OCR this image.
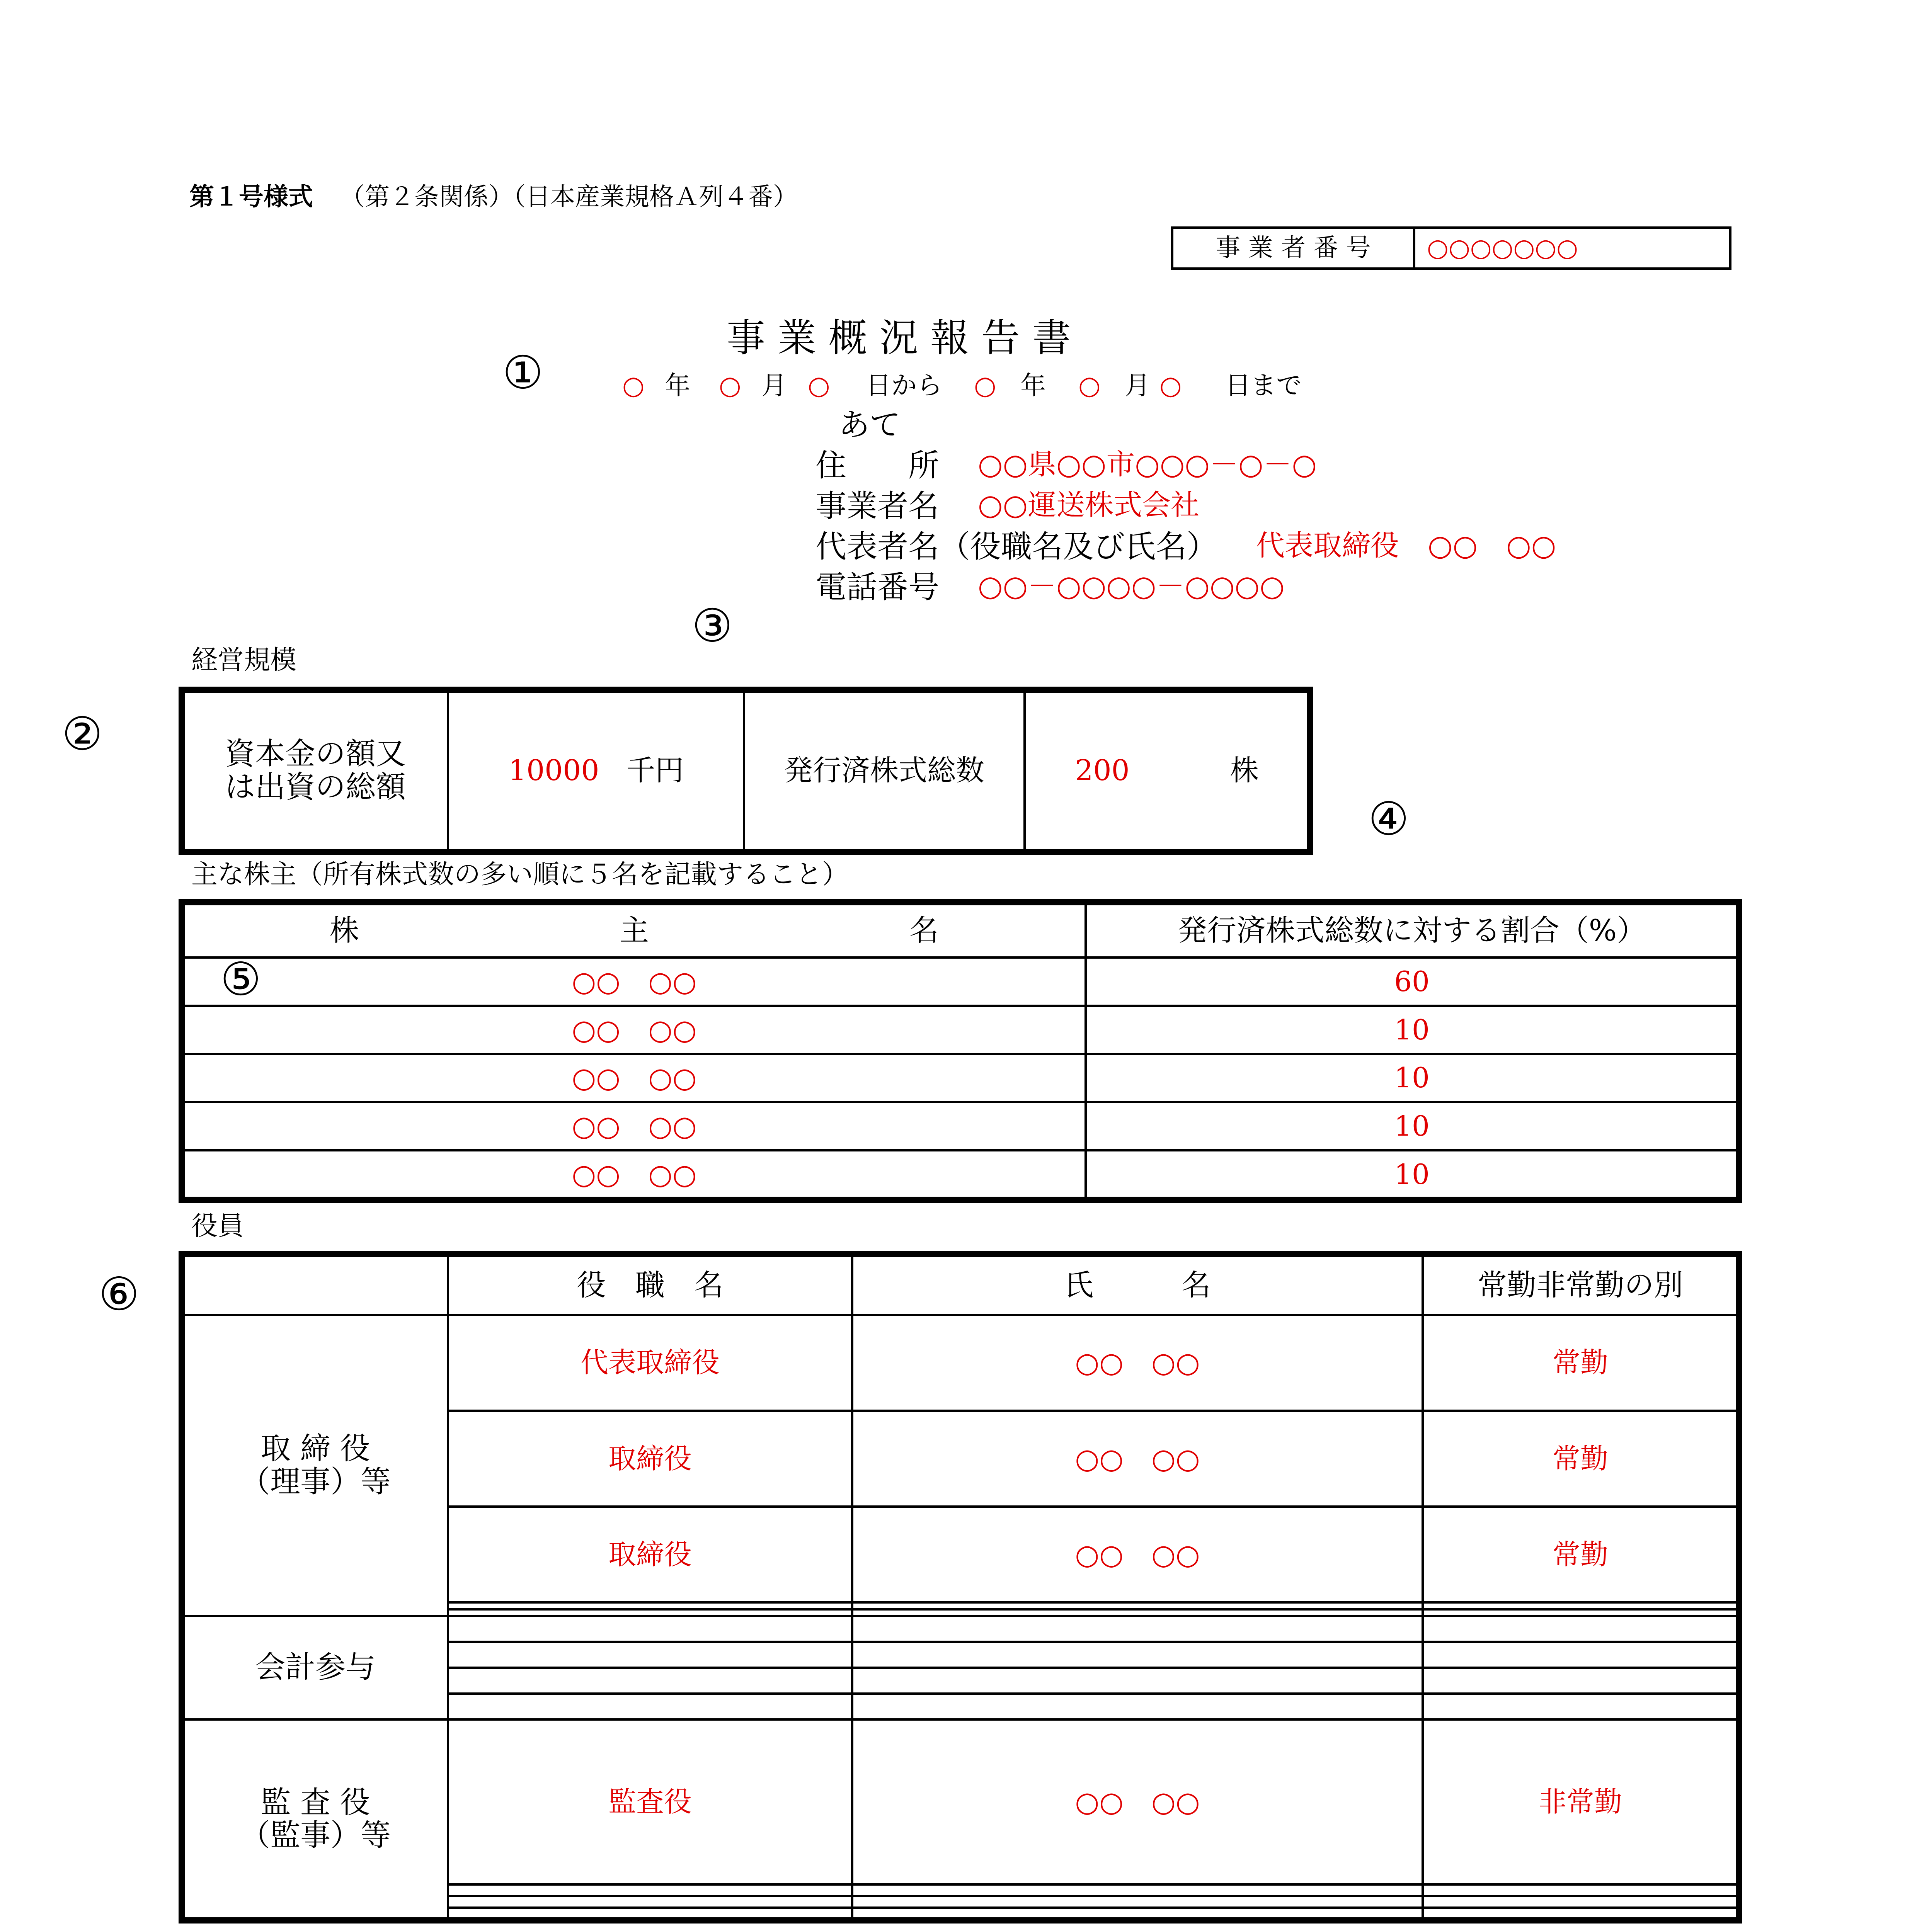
第１号様式 （第２条関係）（日本産業規格Ａ列４番）
事 業 者 番 号	○○○○○○○
事 業 概 況 報 告 書
①	○ 年 ○ 月 ○ 日から ○ 年 ○ 月 ○ 日まで
あて
住　　所 ○○県○○市○○○－○－○
事業者名 ○○運送株式会社
代表者名（役職名及び氏名） 代表取締役　○○　○○
電話番号 ○○－○○○○－○○○○
③
経営規模
②	資本金の額又
は出資の総額	10000 千円	発行済株式総数	200	株
④
主な株主（所有株式数の多い順に５名を記載すること）
株 主 名	発行済株式総数に対する割合（%）
○○　○○	60
○○　○○	10
○○　○○	10
○○　○○	10
○○　○○	10
⑤
役員
⑥
		役　職　名	氏　　　名	常勤非常勤の別

取 締 役
（理事）等	代表取締役	○○　○○	常勤
	取締役	○○　○○	常勤
	取締役	○○　○○	常勤

会計参与			

監 査 役
（監事）等	監査役	○○　○○	非常勤
